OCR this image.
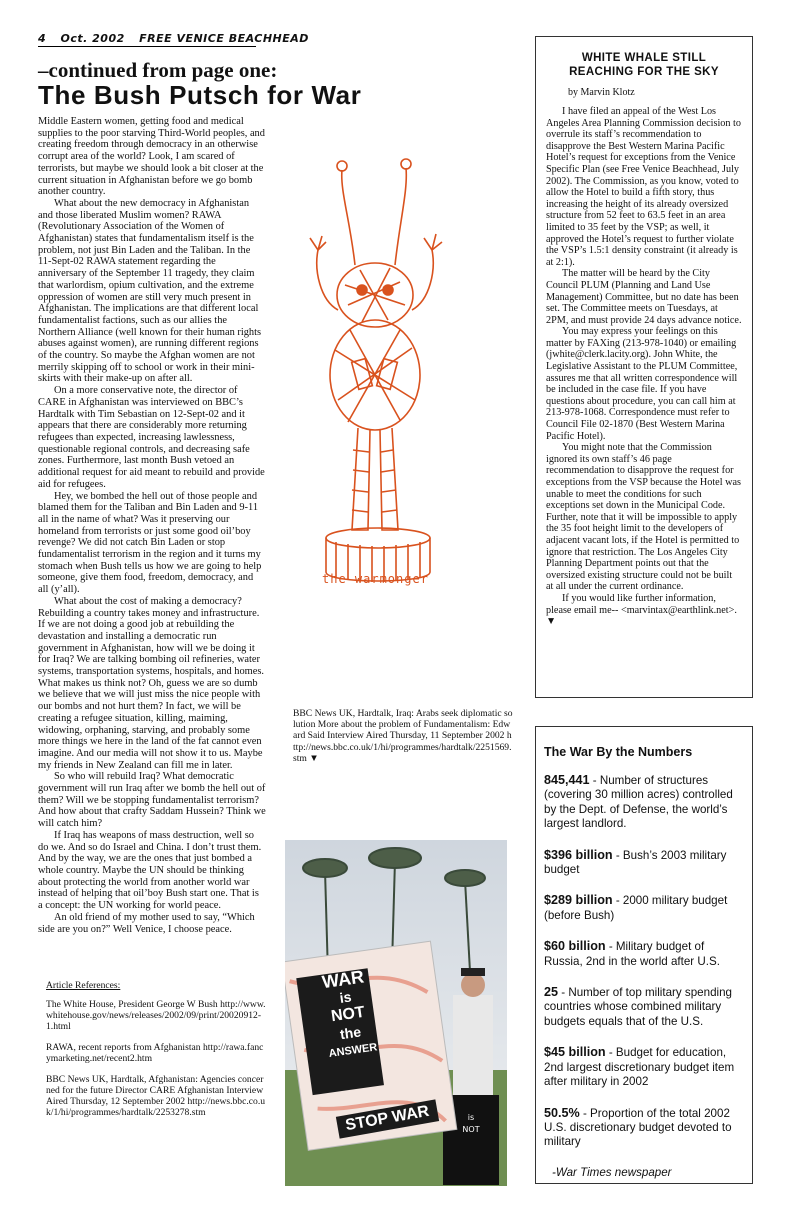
4 Oct. 2002 FREE VENICE BEACHHEAD
–continued from page one:
The Bush Putsch for War

Middle Eastern women, getting food and medical supplies to the poor starving Third-World peoples, and creating freedom through democracy in an otherwise corrupt area of the world? Look, I am scared of terrorists, but maybe we should look a bit closer at the current situation in Afghanistan before we go bomb another country.

What about the new democracy in Afghanistan and those liberated Muslim women? RAWA (Revolutionary Association of the Women of Afghanistan) states that fundamentalism itself is the problem, not just Bin Laden and the Taliban. In the 11-Sept-02 RAWA statement regarding the anniversary of the September 11 tragedy, they claim that warlordism, opium cultivation, and the extreme oppression of women are still very much present in Afghanistan. The implications are that different local fundamentalist factions, such as our allies the Northern Alliance (well known for their human rights abuses against women), are running different regions of the country. So maybe the Afghan women are not merrily skipping off to school or work in their mini-skirts with their make-up on after all.

On a more conservative note, the director of CARE in Afghanistan was interviewed on BBC’s Hardtalk with Tim Sebastian on 12-Sept-02 and it appears that there are considerably more returning refugees than expected, increasing lawlessness, questionable regional controls, and decreasing safe zones. Furthermore, last month Bush vetoed an additional request for aid meant to rebuild and provide aid for refugees.

Hey, we bombed the hell out of those people and blamed them for the Taliban and Bin Laden and 9-11 all in the name of what? Was it preserving our homeland from terrorists or just some good oil’boy revenge? We did not catch Bin Laden or stop fundamentalist terrorism in the region and it turns my stomach when Bush tells us how we are going to help someone, give them food, freedom, democracy, and all (y’all).

What about the cost of making a democracy? Rebuilding a country takes money and infrastructure. If we are not doing a good job at rebuilding the devastation and installing a democratic run government in Afghanistan, how will we be doing it for Iraq? We are talking bombing oil refineries, water systems, transportation systems, hospitals, and homes. What makes us think not? Oh, guess we are so dumb we believe that we will just miss the nice people with our bombs and not hurt them? In fact, we will be creating a refugee situation, killing, maiming, widowing, orphaning, starving, and probably some more things we here in the land of the fat cannot even imagine. And our media will not show it to us. Maybe my friends in New Zealand can fill me in later.

So who will rebuild Iraq? What democratic government will run Iraq after we bomb the hell out of them? Will we be stopping fundamentalist terrorism? And how about that crafty Saddam Hussein? Think we will catch him?

If Iraq has weapons of mass destruction, well so do we. And so do Israel and China. I don’t trust them. And by the way, we are the ones that just bombed a whole country. Maybe the UN should be thinking about protecting the world from another world war instead of helping that oil’boy Bush start one. That is a concept: the UN working for world peace.

An old friend of my mother used to say, “Which side are you on?” Well Venice, I choose peace.

Article References:
The White House, President George W Bush http://www.whitehouse.gov/news/releases/2002/09/print/20020912-1.html
RAWA, recent reports from Afghanistan http://rawa.fancymarketing.net/recent2.htm
BBC News UK, Hardtalk, Afghanistan: Agencies concerned for the future Director CARE Afghanistan Interview Aired Thursday, 12 September 2002 http://news.bbc.co.uk/1/hi/programmes/hardtalk/2253278.stm
the warmonger
BBC News UK, Hardtalk, Iraq: Arabs seek diplomatic solution More about the problem of Fundamentalism: Edward Said Interview Aired Thursday, 11 September 2002 http://news.bbc.co.uk/1/hi/programmes/hardtalk/2251569.stm ▼
is
NOT
WAR
is
NOT
the
ANSWER
STOP WAR
WHITE WHALE STILL
REACHING FOR THE SKY
by Marvin Klotz

I have filed an appeal of the West Los Angeles Area Planning Commission decision to overrule its staff’s recommendation to disapprove the Best Western Marina Pacific Hotel’s request for exceptions from the Venice Specific Plan (see Free Venice Beachhead, July 2002). The Commission, as you know, voted to allow the Hotel to build a fifth story, thus increasing the height of its already oversized structure from 52 feet to 63.5 feet in an area limited to 35 feet by the VSP; as well, it approved the Hotel’s request to further violate the VSP’s 1.5:1 density constraint (it already is at 2:1).

The matter will be heard by the City Council PLUM (Planning and Land Use Management) Committee, but no date has been set. The Committee meets on Tuesdays, at 2PM, and must provide 24 days advance notice.

You may express your feelings on this matter by FAXing (213-978-1040) or emailing (jwhite@clerk.lacity.org). John White, the Legislative Assistant to the PLUM Committee, assures me that all written correspondence will be included in the case file. If you have questions about procedure, you can call him at 213-978-1068. Correspondence must refer to Council File 02-1870 (Best Western Marina Pacific Hotel).

You might note that the Commission ignored its own staff’s 46 page recommendation to disapprove the request for exceptions from the VSP because the Hotel was unable to meet the conditions for such exceptions set down in the Municipal Code. Further, note that it will be impossible to apply the 35 foot height limit to the developers of adjacent vacant lots, if the Hotel is permitted to ignore that restriction. The Los Angeles City Planning Department points out that the oversized existing structure could not be built at all under the current ordinance.

If you would like further information, please email me-- <marvintax@earthlink.net>. ▼

The War By the Numbers
845,441 - Number of structures (covering 30 million acres) controlled by the Dept. of Defense, the world’s largest landlord.
$396 billion - Bush’s 2003 military budget
$289 billion - 2000 military budget (before Bush)
$60 billion - Military budget of Russia, 2nd in the world after U.S.
25 - Number of top military spending countries whose combined military budgets equals that of the U.S.
$45 billion - Budget for education, 2nd largest discretionary budget item after military in 2002
50.5% - Proportion of the total 2002 U.S. discretionary budget devoted to military
-War Times newspaper
